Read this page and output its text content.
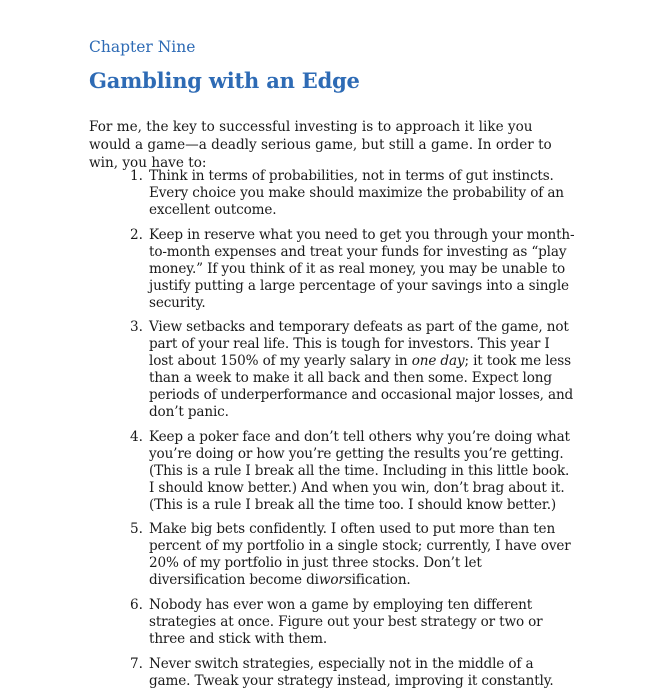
Chapter Nine
Gambling with an Edge

For me, the key to successful investing is to approach it like you would a game—a deadly serious game, but still a game. In order to win, you have to:

1. Think in terms of probabilities, not in terms of gut instincts. Every choice you make should maximize the probability of an excellent outcome.
2. Keep in reserve what you need to get you through your month-to-month expenses and treat your funds for investing as “play money.” If you think of it as real money, you may be unable to justify putting a large percentage of your savings into a single security.
3. View setbacks and temporary defeats as part of the game, not part of your real life. This is tough for investors. This year I lost about 150% of my yearly salary in one day; it took me less than a week to make it all back and then some. Expect long periods of underperformance and occasional major losses, and don’t panic.
4. Keep a poker face and don’t tell others why you’re doing what you’re doing or how you’re getting the results you’re getting. (This is a rule I break all the time. Including in this little book. I should know better.) And when you win, don’t brag about it. (This is a rule I break all the time too. I should know better.)
5. Make big bets confidently. I often used to put more than ten percent of my portfolio in a single stock; currently, I have over 20% of my portfolio in just three stocks. Don’t let diversification become diworsification.
6. Nobody has ever won a game by employing ten different strategies at once. Figure out your best strategy or two or three and stick with them.
7. Never switch strategies, especially not in the middle of a game. Tweak your strategy instead, improving it constantly.
